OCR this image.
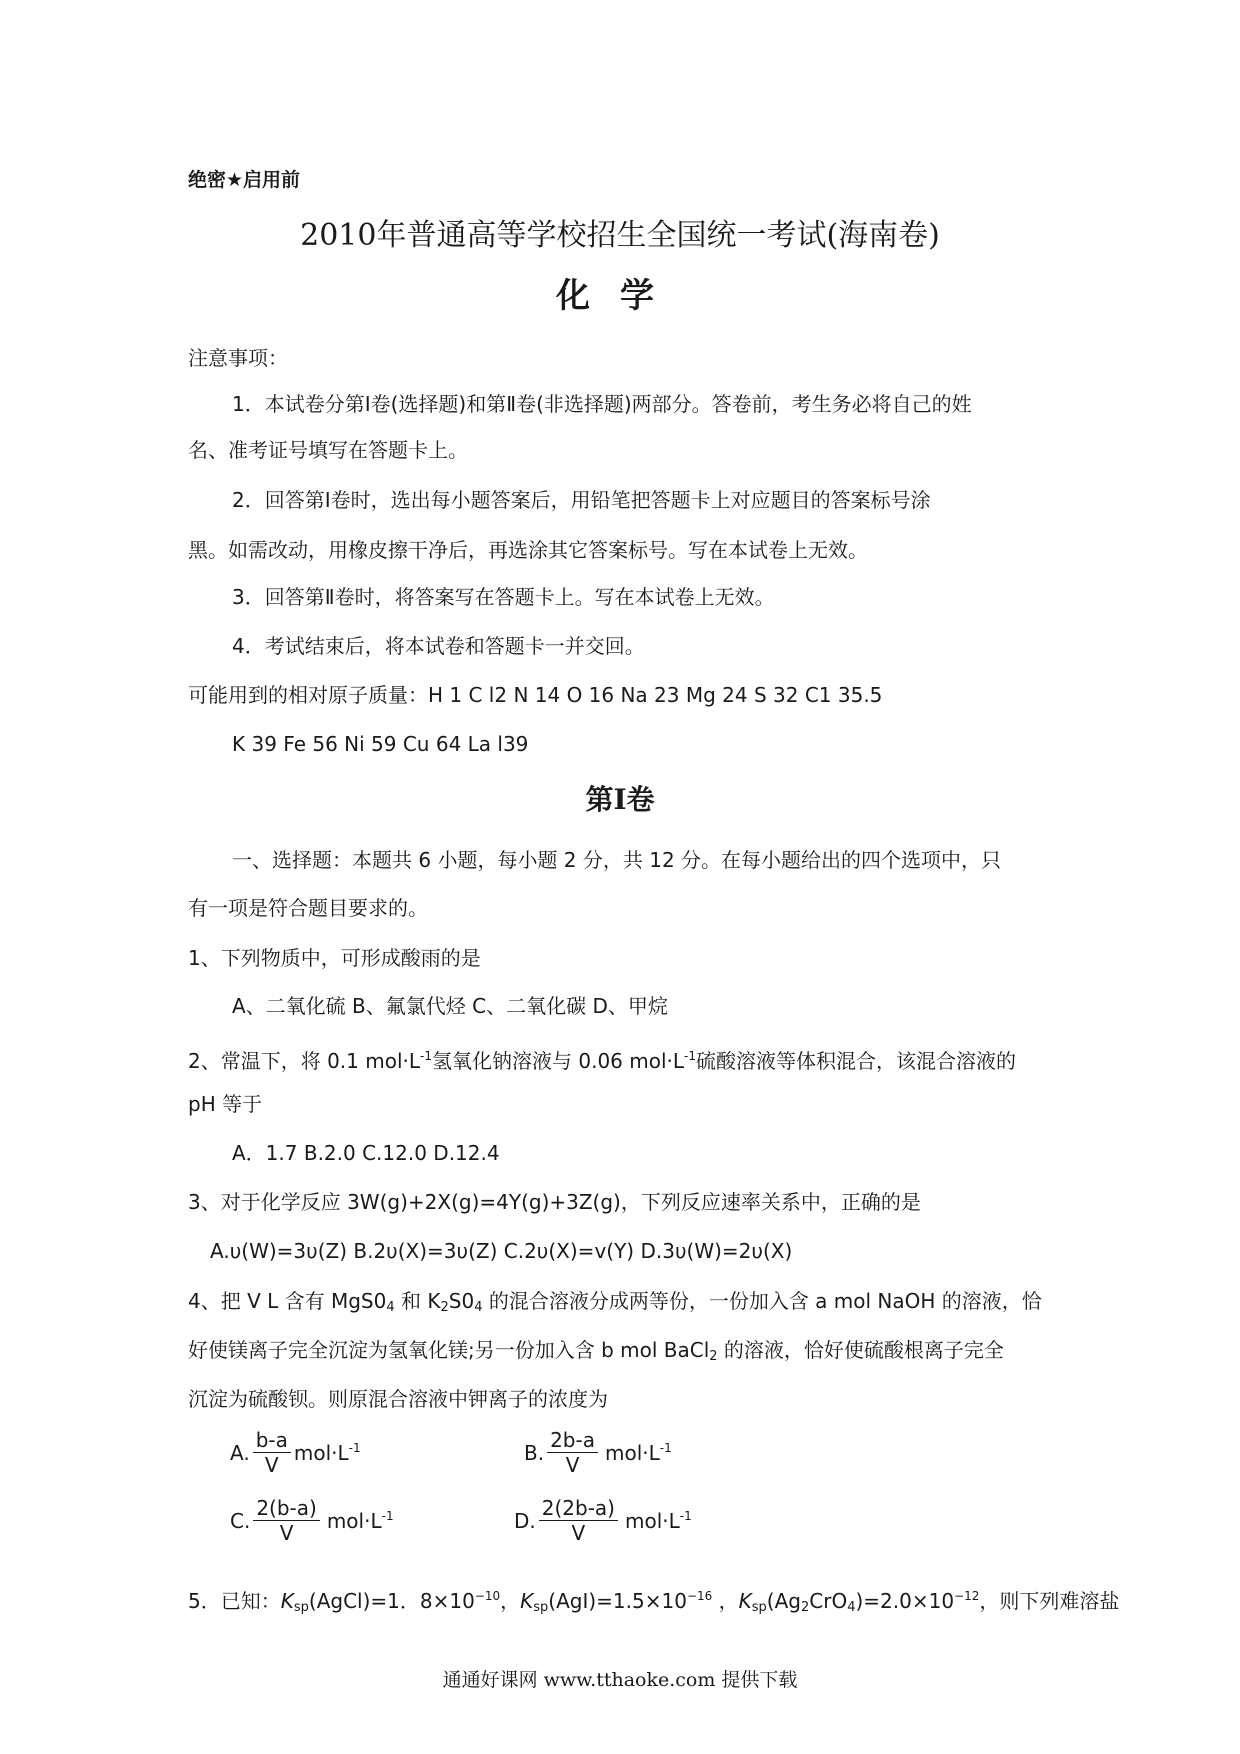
绝密★启用前
2010年普通高等学校招生全国统一考试(海南卷)
化学
注意事项：
1．本试卷分第Ⅰ卷(选择题)和第Ⅱ卷(非选择题)两部分。答卷前，考生务必将自己的姓
名、准考证号填写在答题卡上。
2．回答第Ⅰ卷时，选出每小题答案后，用铅笔把答题卡上对应题目的答案标号涂
黑。如需改动，用橡皮擦干净后，再选涂其它答案标号。写在本试卷上无效。
3．回答第Ⅱ卷时，将答案写在答题卡上。写在本试卷上无效。
4．考试结束后，将本试卷和答题卡一并交回。
可能用到的相对原子质量：H 1 C l2 N 14 O 16 Na 23 Mg 24 S 32 C1 35.5
K 39 Fe 56 Ni 59 Cu 64 La l39
第Ⅰ卷
一、选择题：本题共 6 小题，每小题 2 分，共 12 分。在每小题给出的四个选项中，只
有一项是符合题目要求的。
1、下列物质中，可形成酸雨的是
A、二氧化硫 B、氟氯代烃 C、二氧化碳 D、甲烷
2、常温下，将 0.1 $mol\cdot L^{-1}$氢氧化钠溶液与 0.06 $mol\cdot L^{-1}$硫酸溶液等体积混合，该混合溶液的
pH 等于
A．1.7 B.2.0 C.12.0 D.12.4
3、对于化学反应 3W(g)+2X(g)=4Y(g)+3Z(g)，下列反应速率关系中，正确的是
A.υ(W)=3υ(Z) B.2υ(X)=3υ(Z) C.2υ(X)=v(Y) D.3υ(W)=2υ(X)
4、把 V L 含有 $MgS0_4$ 和 $K_2S0_4$ 的混合溶液分成两等份，一份加入含 a mol NaOH 的溶液，恰
好使镁离子完全沉淀为氢氧化镁;另一份加入含 b mol BaCl$_2$ 的溶液，恰好使硫酸根离子完全
沉淀为硫酸钡。则原混合溶液中钾离子的浓度为
A. $\frac{b-a}{V} mol\cdot L^{-1}$	B. $\frac{2b-a}{V} mol\cdot L^{-1}$
C. $\frac{2(b-a)}{V} mol\cdot L^{-1}$	D. $\frac{2(2b-a)}{V} mol\cdot L^{-1}$
5．已知：$K_{sp}(AgCl)=1$．$8\times 10^{-10}$，$K_{sp}(AgI)=1.5\times 10^{-16}$ ，$K_{sp}(Ag_2CrO_4)=2.0\times 10^{-12}$，则下列难溶盐
通通好课网 www.tthaoke.com 提供下载
